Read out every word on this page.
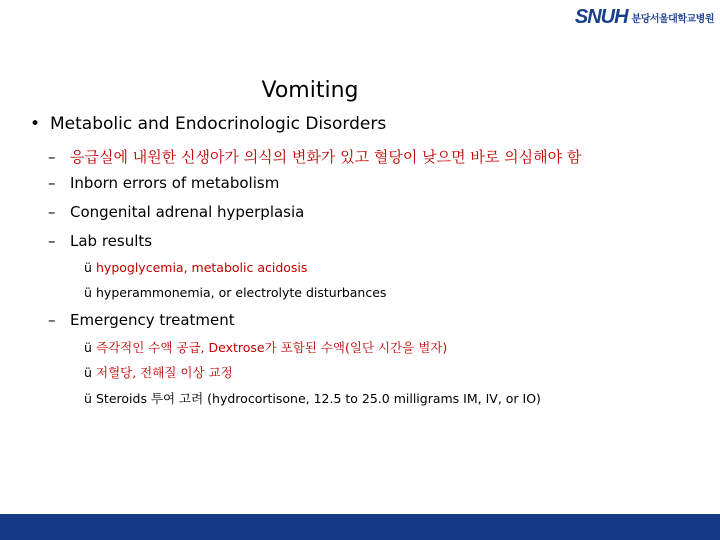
SNUH 분당서울대학교병원
Vomiting
• Metabolic and Endocrinologic Disorders
– 응급실에 내원한 신생아가 의식의 변화가 있고 혈당이 낮으면 바로 의심해야 함
– Inborn errors of metabolism
– Congenital adrenal hyperplasia
– Lab results
ü hypoglycemia, metabolic acidosis
ü hyperammonemia, or electrolyte disturbances
– Emergency treatment
ü 즉각적인 수액 공급, Dextrose가 포함된 수액(일단 시간을 벌자)
ü 저혈당, 전해질 이상 교정
ü Steroids 투여 고려 (hydrocortisone, 12.5 to 25.0 milligrams IM, IV, or IO)
